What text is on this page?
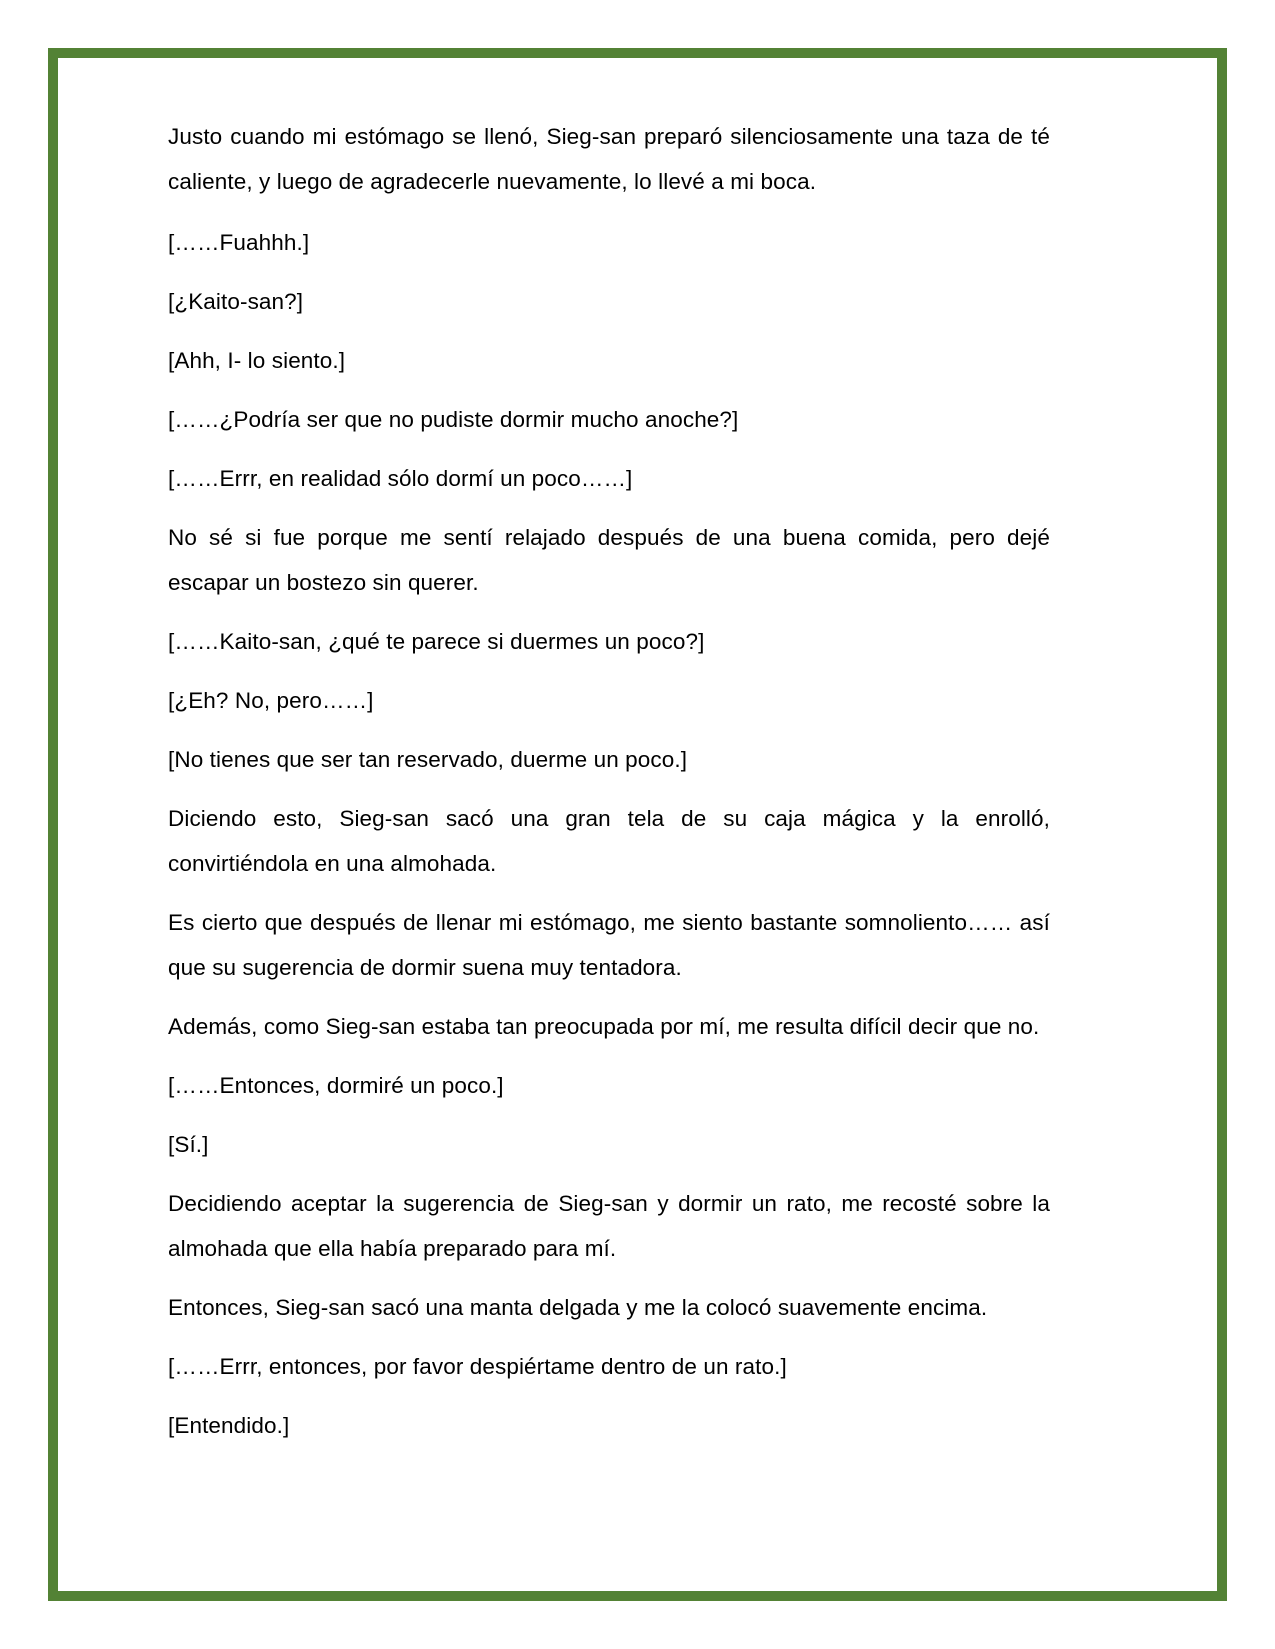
Justo cuando mi estómago se llenó, Sieg-san preparó silenciosamente una taza de té caliente, y luego de agradecerle nuevamente, lo llevé a mi boca.

[……Fuahhh.]

[¿Kaito-san?]

[Ahh, I- lo siento.]

[……¿Podría ser que no pudiste dormir mucho anoche?]

[……Errr, en realidad sólo dormí un poco……]

No sé si fue porque me sentí relajado después de una buena comida, pero dejé escapar un bostezo sin querer.

[……Kaito-san, ¿qué te parece si duermes un poco?]

[¿Eh? No, pero……]

[No tienes que ser tan reservado, duerme un poco.]

Diciendo esto, Sieg-san sacó una gran tela de su caja mágica y la enrolló, convirtiéndola en una almohada.

Es cierto que después de llenar mi estómago, me siento bastante somnoliento…… así que su sugerencia de dormir suena muy tentadora.

Además, como Sieg-san estaba tan preocupada por mí, me resulta difícil decir que no.

[……Entonces, dormiré un poco.]

[Sí.]

Decidiendo aceptar la sugerencia de Sieg-san y dormir un rato, me recosté sobre la almohada que ella había preparado para mí.

Entonces, Sieg-san sacó una manta delgada y me la colocó suavemente encima.

[……Errr, entonces, por favor despiértame dentro de un rato.]

[Entendido.]
